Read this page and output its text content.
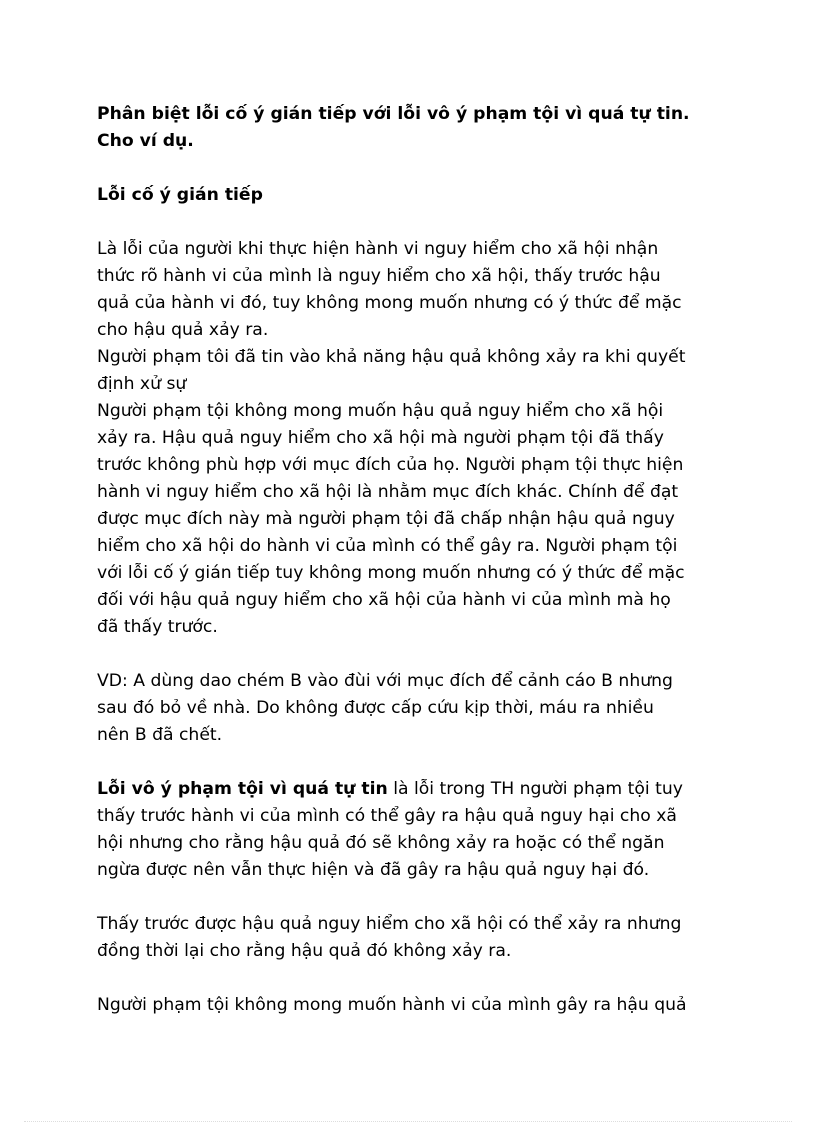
Phân biệt lỗi cố ý gián tiếp với lỗi vô ý phạm tội vì quá tự tin.
Cho ví dụ.
Lỗi cố ý gián tiếp
Là lỗi của người khi thực hiện hành vi nguy hiểm cho xã hội nhận
thức rõ hành vi của mình là nguy hiểm cho xã hội, thấy trước hậu
quả của hành vi đó, tuy không mong muốn nhưng có ý thức để mặc
cho hậu quả xảy ra.
Người phạm tôi đã tin vào khả năng hậu quả không xảy ra khi quyết
định xử sự
Người phạm tội không mong muốn hậu quả nguy hiểm cho xã hội
xảy ra. Hậu quả nguy hiểm cho xã hội mà người phạm tội đã thấy
trước không phù hợp với mục đích của họ. Người phạm tội thực hiện
hành vi nguy hiểm cho xã hội là nhằm mục đích khác. Chính để đạt
được mục đích này mà người phạm tội đã chấp nhận hậu quả nguy
hiểm cho xã hội do hành vi của mình có thể gây ra. Người phạm tội
với lỗi cố ý gián tiếp tuy không mong muốn nhưng có ý thức để mặc
đối với hậu quả nguy hiểm cho xã hội của hành vi của mình mà họ
đã thấy trước.
VD: A dùng dao chém B vào đùi với mục đích để cảnh cáo B nhưng
sau đó bỏ về nhà. Do không được cấp cứu kịp thời, máu ra nhiều
nên B đã chết.
Lỗi vô ý phạm tội vì quá tự tin là lỗi trong TH người phạm tội tuy
thấy trước hành vi của mình có thể gây ra hậu quả nguy hại cho xã
hội nhưng cho rằng hậu quả đó sẽ không xảy ra hoặc có thể ngăn
ngừa được nên vẫn thực hiện và đã gây ra hậu quả nguy hại đó.
Thấy trước được hậu quả nguy hiểm cho xã hội có thể xảy ra nhưng
đồng thời lại cho rằng hậu quả đó không xảy ra.
Người phạm tội không mong muốn hành vi của mình gây ra hậu quả
